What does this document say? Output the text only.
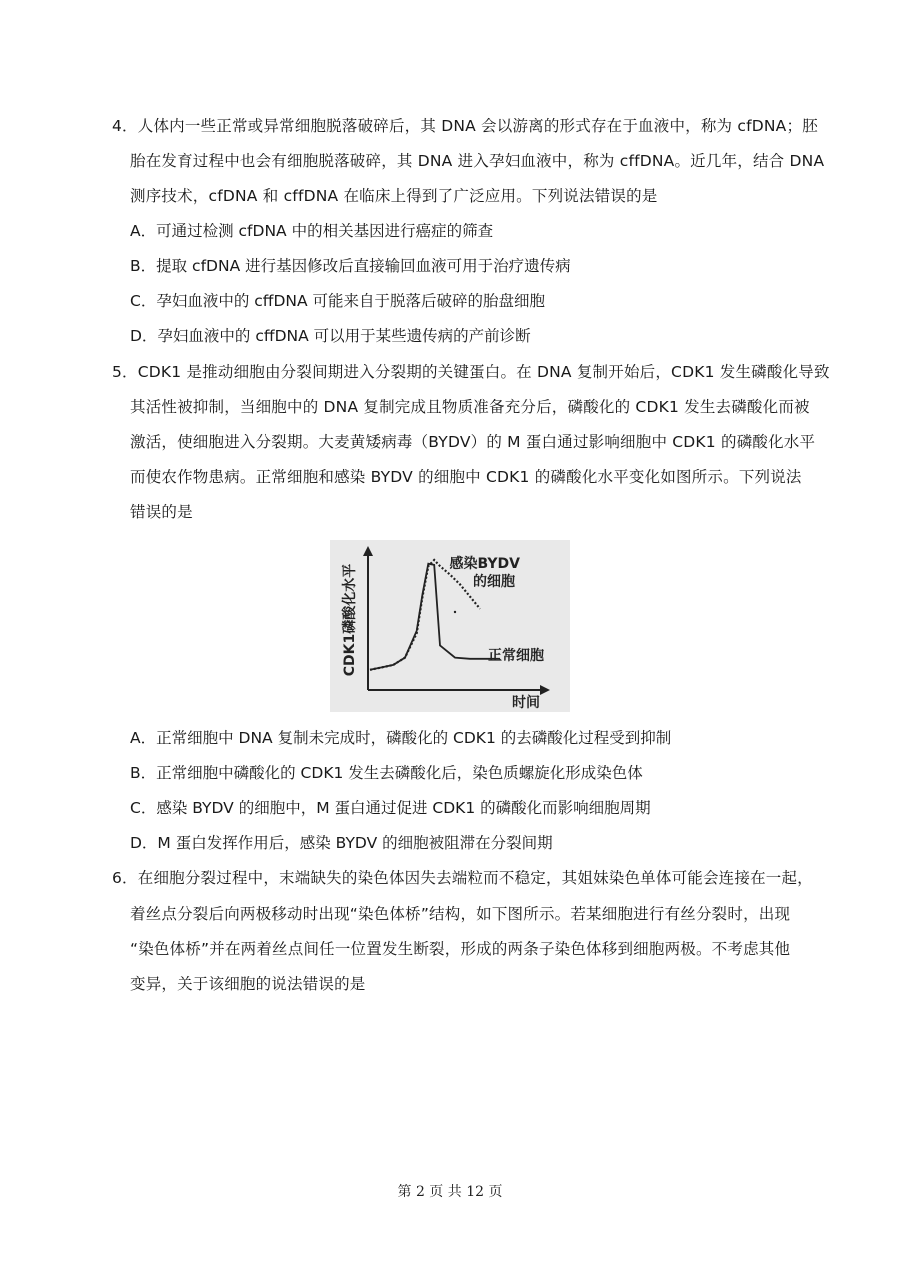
4．人体内一些正常或异常细胞脱落破碎后，其 DNA 会以游离的形式存在于血液中，称为 cfDNA；胚
胎在发育过程中也会有细胞脱落破碎，其 DNA 进入孕妇血液中，称为 cffDNA。近几年，结合 DNA
测序技术，cfDNA 和 cffDNA 在临床上得到了广泛应用。下列说法错误的是
A．可通过检测 cfDNA 中的相关基因进行癌症的筛查
B．提取 cfDNA 进行基因修改后直接输回血液可用于治疗遗传病
C．孕妇血液中的 cffDNA 可能来自于脱落后破碎的胎盘细胞
D．孕妇血液中的 cffDNA 可以用于某些遗传病的产前诊断
5．CDK1 是推动细胞由分裂间期进入分裂期的关键蛋白。在 DNA 复制开始后，CDK1 发生磷酸化导致
其活性被抑制，当细胞中的 DNA 复制完成且物质准备充分后，磷酸化的 CDK1 发生去磷酸化而被
激活，使细胞进入分裂期。大麦黄矮病毒（BYDV）的 M 蛋白通过影响细胞中 CDK1 的磷酸化水平
而使农作物患病。正常细胞和感染 BYDV 的细胞中 CDK1 的磷酸化水平变化如图所示。下列说法
错误的是
感染BYDV
的细胞
正常细胞
时间
CDK1磷酸化水平
A．正常细胞中 DNA 复制未完成时，磷酸化的 CDK1 的去磷酸化过程受到抑制
B．正常细胞中磷酸化的 CDK1 发生去磷酸化后，染色质螺旋化形成染色体
C．感染 BYDV 的细胞中，M 蛋白通过促进 CDK1 的磷酸化而影响细胞周期
D．M 蛋白发挥作用后，感染 BYDV 的细胞被阻滞在分裂间期
6．在细胞分裂过程中，末端缺失的染色体因失去端粒而不稳定，其姐妹染色单体可能会连接在一起，
着丝点分裂后向两极移动时出现“染色体桥”结构，如下图所示。若某细胞进行有丝分裂时，出现
“染色体桥”并在两着丝点间任一位置发生断裂，形成的两条子染色体移到细胞两极。不考虑其他
变异，关于该细胞的说法错误的是
第 2 页 共 12 页
